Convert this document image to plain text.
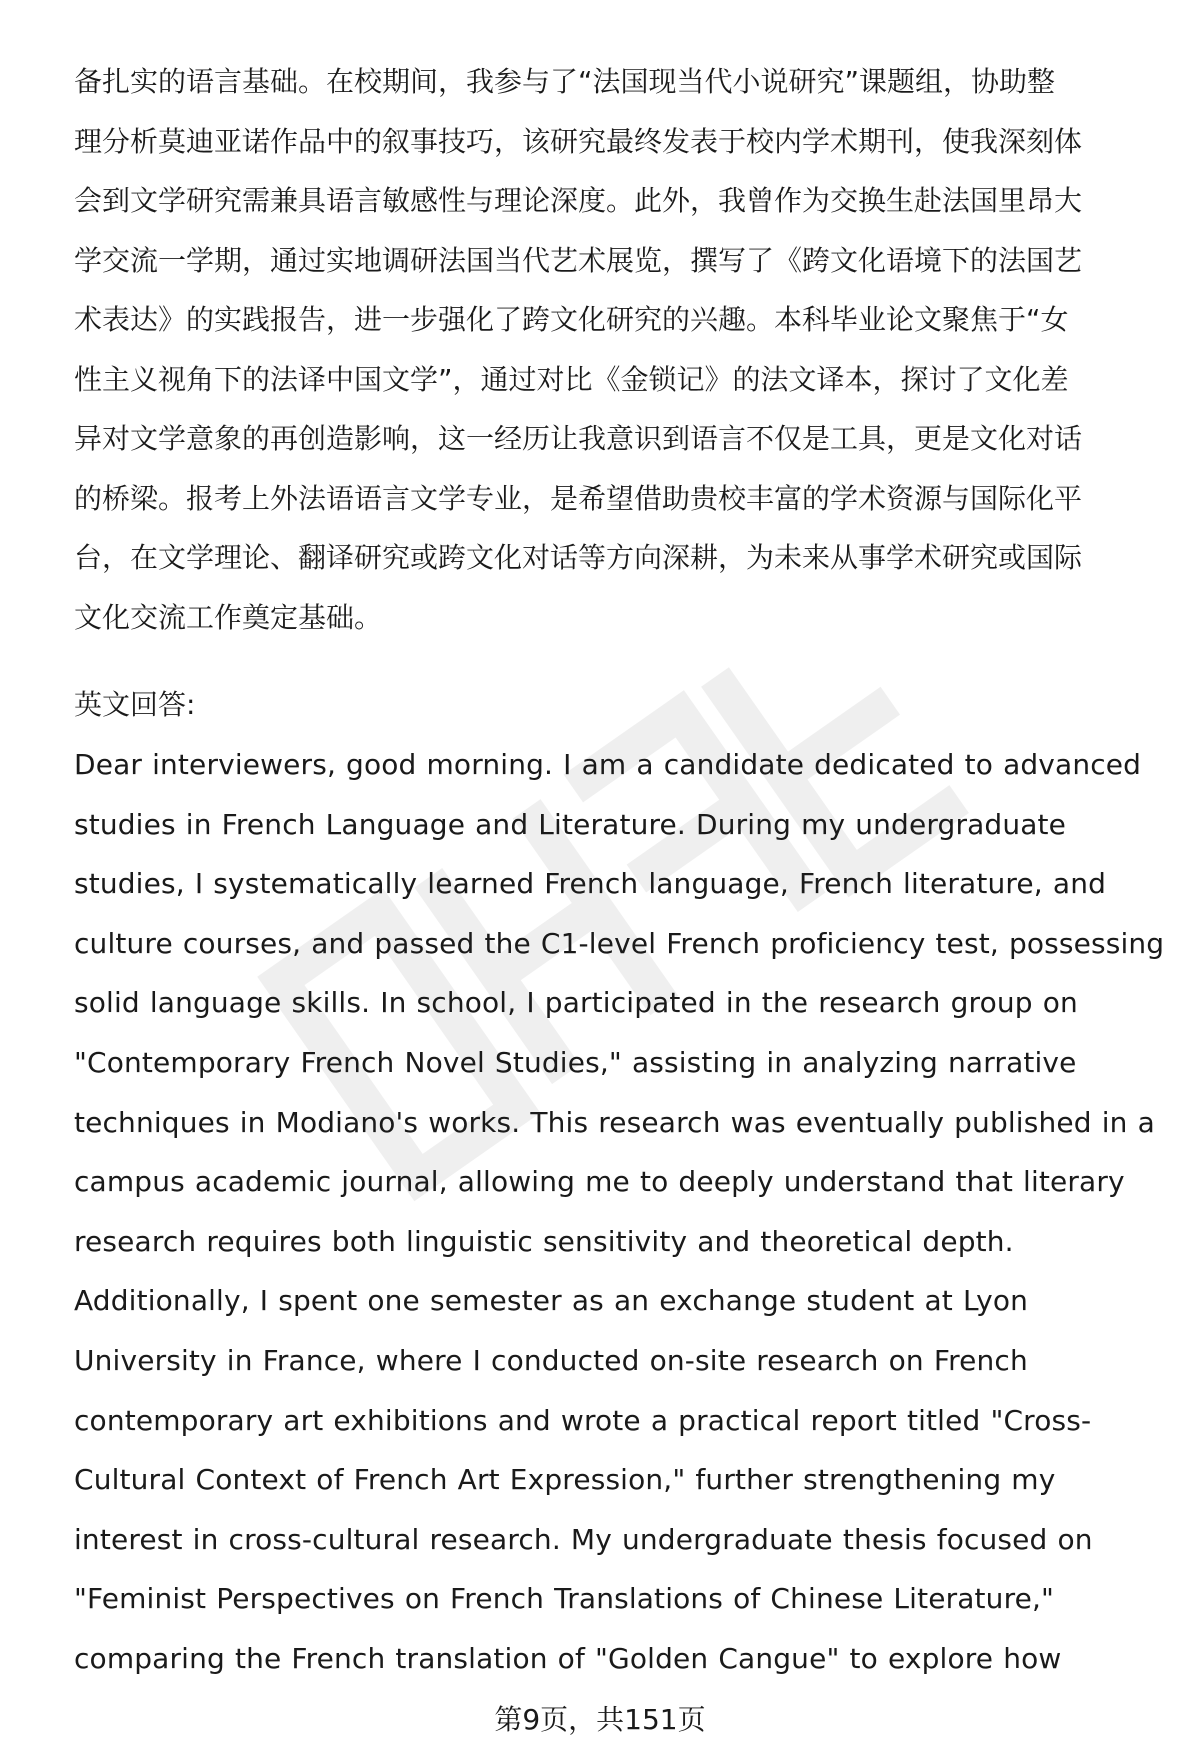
备扎实的语言基础。在校期间，我参与了“法国现当代小说研究”课题组，协助整
理分析莫迪亚诺作品中的叙事技巧，该研究最终发表于校内学术期刊，使我深刻体
会到文学研究需兼具语言敏感性与理论深度。此外，我曾作为交换生赴法国里昂大
学交流一学期，通过实地调研法国当代艺术展览，撰写了《跨文化语境下的法国艺
术表达》的实践报告，进一步强化了跨文化研究的兴趣。本科毕业论文聚焦于“女
性主义视角下的法译中国文学”，通过对比《金锁记》的法文译本，探讨了文化差
异对文学意象的再创造影响，这一经历让我意识到语言不仅是工具，更是文化对话
的桥梁。报考上外法语语言文学专业，是希望借助贵校丰富的学术资源与国际化平
台，在文学理论、翻译研究或跨文化对话等方向深耕，为未来从事学术研究或国际
文化交流工作奠定基础。

英文回答:

Dear interviewers, good morning. I am a candidate dedicated to advanced
studies in French Language and Literature. During my undergraduate
studies, I systematically learned French language, French literature, and
culture courses, and passed the C1-level French proficiency test, possessing
solid language skills. In school, I participated in the research group on
"Contemporary French Novel Studies," assisting in analyzing narrative
techniques in Modiano's works. This research was eventually published in a
campus academic journal, allowing me to deeply understand that literary
research requires both linguistic sensitivity and theoretical depth.
Additionally, I spent one semester as an exchange student at Lyon
University in France, where I conducted on-site research on French
contemporary art exhibitions and wrote a practical report titled "Cross-
Cultural Context of French Art Expression," further strengthening my
interest in cross-cultural research. My undergraduate thesis focused on
"Feminist Perspectives on French Translations of Chinese Literature,"
comparing the French translation of "Golden Cangue" to explore how

第9页，共151页
